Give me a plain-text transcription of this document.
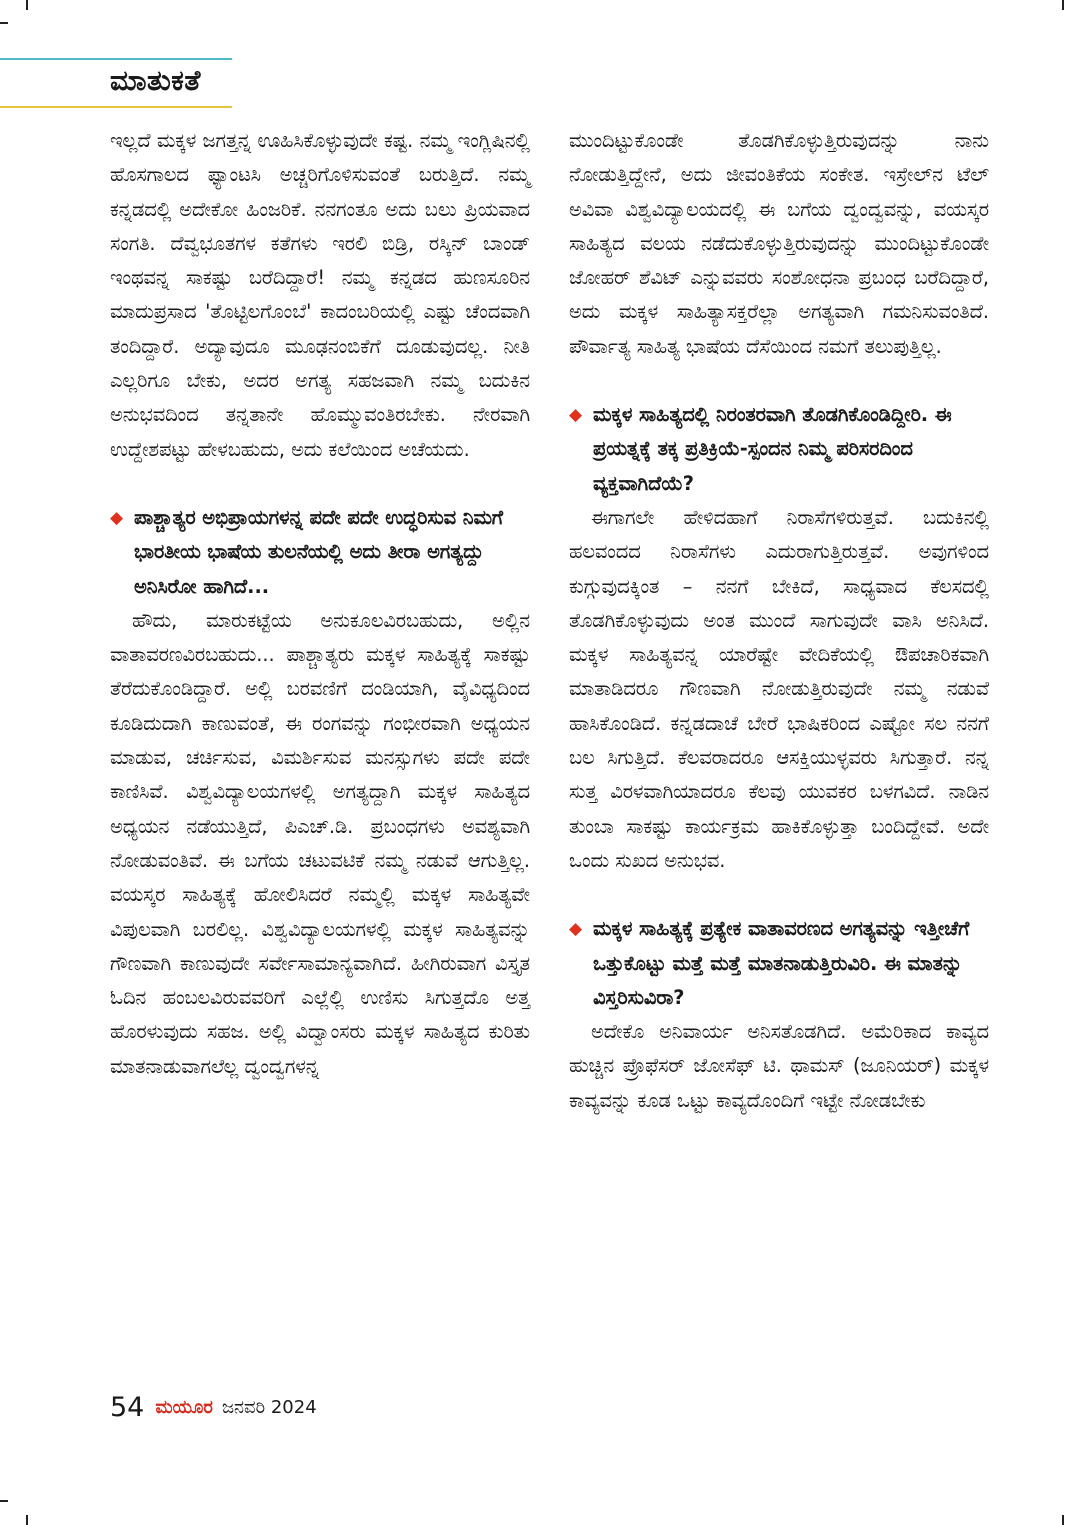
ಮಾತುಕತೆ

ಇಲ್ಲದೆ ಮಕ್ಕಳ ಜಗತ್ತನ್ನ ಊಹಿಸಿಕೊಳ್ಳುವುದೇ ಕಷ್ಟ. ನಮ್ಮ ಇಂಗ್ಲಿಷಿನಲ್ಲಿ ಹೊಸಗಾಲದ ಫ್ಯಾಂಟಸಿ ಅಚ್ಚರಿಗೊಳಿಸುವಂತೆ ಬರುತ್ತಿದೆ. ನಮ್ಮ ಕನ್ನಡದಲ್ಲಿ ಅದೇಕೋ ಹಿಂಜರಿಕೆ. ನನಗಂತೂ ಅದು ಬಲು ಪ್ರಿಯವಾದ ಸಂಗತಿ. ದೆವ್ವಭೂತಗಳ ಕತೆಗಳು ಇರಲಿ ಬಿಡ್ರಿ, ರಸ್ಕಿನ್ ಬಾಂಡ್ ಇಂಥವನ್ನ ಸಾಕಷ್ಟು ಬರೆದಿದ್ದಾರೆ! ನಮ್ಮ ಕನ್ನಡದ ಹುಣಸೂರಿನ ಮಾದುಪ್ರಸಾದ 'ತೊಟ್ಟಿಲಗೊಂಬೆ' ಕಾದಂಬರಿಯಲ್ಲಿ ಎಷ್ಟು ಚೆಂದವಾಗಿ ತಂದಿದ್ದಾರೆ. ಅದ್ಯಾವುದೂ ಮೂಢನಂಬಿಕೆಗೆ ದೂಡುವುದಲ್ಲ. ನೀತಿ ಎಲ್ಲರಿಗೂ ಬೇಕು, ಅದರ ಅಗತ್ಯ ಸಹಜವಾಗಿ ನಮ್ಮ ಬದುಕಿನ ಅನುಭವದಿಂದ ತನ್ನತಾನೇ ಹೊಮ್ಮುವಂತಿರಬೇಕು. ನೇರವಾಗಿ ಉದ್ದೇಶಪಟ್ಟು ಹೇಳಬಹುದು, ಅದು ಕಲೆಯಿಂದ ಅಚೆಯದು.

◆ ಪಾಶ್ಚಾತ್ಯರ ಅಭಿಪ್ರಾಯಗಳನ್ನ ಪದೇ ಪದೇ ಉದ್ಧರಿಸುವ ನಿಮಗೆ ಭಾರತೀಯ ಭಾಷೆಯ ತುಲನೆಯಲ್ಲಿ ಅದು ತೀರಾ ಅಗತ್ಯದ್ದು ಅನಿಸಿರೋ ಹಾಗಿದೆ...

ಹೌದು, ಮಾರುಕಟ್ಟೆಯ ಅನುಕೂಲವಿರಬಹುದು, ಅಲ್ಲಿನ ವಾತಾವರಣವಿರಬಹುದು... ಪಾಶ್ಚಾತ್ಯರು ಮಕ್ಕಳ ಸಾಹಿತ್ಯಕ್ಕೆ ಸಾಕಷ್ಟು ತೆರೆದುಕೊಂಡಿದ್ದಾರೆ. ಅಲ್ಲಿ ಬರವಣಿಗೆ ದಂಡಿಯಾಗಿ, ವೈವಿಧ್ಯದಿಂದ ಕೂಡಿದುದಾಗಿ ಕಾಣುವಂತೆ, ಈ ರಂಗವನ್ನು ಗಂಭೀರವಾಗಿ ಅಧ್ಯಯನ ಮಾಡುವ, ಚರ್ಚಿಸುವ, ವಿಮರ್ಶಿಸುವ ಮನಸ್ಸುಗಳು ಪದೇ ಪದೇ ಕಾಣಿಸಿವೆ. ವಿಶ್ವವಿದ್ಯಾಲಯಗಳಲ್ಲಿ ಅಗತ್ಯದ್ದಾಗಿ ಮಕ್ಕಳ ಸಾಹಿತ್ಯದ ಅಧ್ಯಯನ ನಡೆಯುತ್ತಿದೆ, ಪಿಎಚ್.ಡಿ. ಪ್ರಬಂಧಗಳು ಅವಶ್ಯವಾಗಿ ನೋಡುವಂತಿವೆ. ಈ ಬಗೆಯ ಚಟುವಟಿಕೆ ನಮ್ಮ ನಡುವೆ ಆಗುತ್ತಿಲ್ಲ. ವಯಸ್ಕರ ಸಾಹಿತ್ಯಕ್ಕೆ ಹೋಲಿಸಿದರೆ ನಮ್ಮಲ್ಲಿ ಮಕ್ಕಳ ಸಾಹಿತ್ಯವೇ ವಿಪುಲವಾಗಿ ಬರಲಿಲ್ಲ. ವಿಶ್ವವಿದ್ಯಾಲಯಗಳಲ್ಲಿ ಮಕ್ಕಳ ಸಾಹಿತ್ಯವನ್ನು ಗೌಣವಾಗಿ ಕಾಣುವುದೇ ಸರ್ವೇಸಾಮಾನ್ಯವಾಗಿದೆ. ಹೀಗಿರುವಾಗ ವಿಸ್ತೃತ ಓದಿನ ಹಂಬಲವಿರುವವರಿಗೆ ಎಲ್ಲೆಲ್ಲಿ ಉಣಿಸು ಸಿಗುತ್ತದೊ ಅತ್ತ ಹೊರಳುವುದು ಸಹಜ. ಅಲ್ಲಿ ವಿದ್ವಾಂಸರು ಮಕ್ಕಳ ಸಾಹಿತ್ಯದ ಕುರಿತು ಮಾತನಾಡುವಾಗಲೆಲ್ಲ ದ್ವಂದ್ವಗಳನ್ನ

ಮುಂದಿಟ್ಟುಕೊಂಡೇ ತೊಡಗಿಕೊಳ್ಳುತ್ತಿರುವುದನ್ನು ನಾನು ನೋಡುತ್ತಿದ್ದೇನೆ, ಅದು ಜೀವಂತಿಕೆಯ ಸಂಕೇತ. ಇಸ್ರೇಲ್‌ನ ಟೆಲ್ ಅವಿವಾ ವಿಶ್ವವಿದ್ಯಾಲಯದಲ್ಲಿ ಈ ಬಗೆಯ ದ್ವಂದ್ವವನ್ನು, ವಯಸ್ಕರ ಸಾಹಿತ್ಯದ ವಲಯ ನಡೆದುಕೊಳ್ಳುತ್ತಿರುವುದನ್ನು ಮುಂದಿಟ್ಟುಕೊಂಡೇ ಜೋಹರ್ ಶೆವಿಟ್ ಎನ್ನುವವರು ಸಂಶೋಧನಾ ಪ್ರಬಂಧ ಬರೆದಿದ್ದಾರೆ, ಅದು ಮಕ್ಕಳ ಸಾಹಿತ್ಯಾಸಕ್ತರೆಲ್ಲಾ ಅಗತ್ಯವಾಗಿ ಗಮನಿಸುವಂತಿದೆ. ಪೌರ್ವಾತ್ಯ ಸಾಹಿತ್ಯ ಭಾಷೆಯ ದೆಸೆಯಿಂದ ನಮಗೆ ತಲುಪುತ್ತಿಲ್ಲ.

◆ ಮಕ್ಕಳ ಸಾಹಿತ್ಯದಲ್ಲಿ ನಿರಂತರವಾಗಿ ತೊಡಗಿಕೊಂಡಿದ್ದೀರಿ. ಈ ಪ್ರಯತ್ನಕ್ಕೆ ತಕ್ಕ ಪ್ರತಿಕ್ರಿಯೆ-ಸ್ಪಂದನ ನಿಮ್ಮ ಪರಿಸರದಿಂದ ವ್ಯಕ್ತವಾಗಿದೆಯೆ?

ಈಗಾಗಲೇ ಹೇಳಿದಹಾಗೆ ನಿರಾಸೆಗಳಿರುತ್ತವೆ. ಬದುಕಿನಲ್ಲಿ ಹಲವಂದದ ನಿರಾಸೆಗಳು ಎದುರಾಗುತ್ತಿರುತ್ತವೆ. ಅವುಗಳಿಂದ ಕುಗ್ಗುವುದಕ್ಕಿಂತ – ನನಗೆ ಬೇಕಿದೆ, ಸಾಧ್ಯವಾದ ಕೆಲಸದಲ್ಲಿ ತೊಡಗಿಕೊಳ್ಳುವುದು ಅಂತ ಮುಂದೆ ಸಾಗುವುದೇ ವಾಸಿ ಅನಿಸಿದೆ. ಮಕ್ಕಳ ಸಾಹಿತ್ಯವನ್ನ ಯಾರೆಷ್ಟೇ ವೇದಿಕೆಯಲ್ಲಿ ಔಪಚಾರಿಕವಾಗಿ ಮಾತಾಡಿದರೂ ಗೌಣವಾಗಿ ನೋಡುತ್ತಿರುವುದೇ ನಮ್ಮ ನಡುವೆ ಹಾಸಿಕೊಂಡಿದೆ. ಕನ್ನಡದಾಚೆ ಬೇರೆ ಭಾಷಿಕರಿಂದ ಎಷ್ಟೋ ಸಲ ನನಗೆ ಬಲ ಸಿಗುತ್ತಿದೆ. ಕೆಲವರಾದರೂ ಆಸಕ್ತಿಯುಳ್ಳವರು ಸಿಗುತ್ತಾರೆ. ನನ್ನ ಸುತ್ತ ವಿರಳವಾಗಿಯಾದರೂ ಕೆಲವು ಯುವಕರ ಬಳಗವಿದೆ. ನಾಡಿನ ತುಂಬಾ ಸಾಕಷ್ಟು ಕಾರ್ಯಕ್ರಮ ಹಾಕಿಕೊಳ್ಳುತ್ತಾ ಬಂದಿದ್ದೇವೆ. ಅದೇ ಒಂದು ಸುಖದ ಅನುಭವ.

◆ ಮಕ್ಕಳ ಸಾಹಿತ್ಯಕ್ಕೆ ಪ್ರತ್ಯೇಕ ವಾತಾವರಣದ ಅಗತ್ಯವನ್ನು ಇತ್ತೀಚೆಗೆ ಒತ್ತುಕೊಟ್ಟು ಮತ್ತೆ ಮತ್ತೆ ಮಾತನಾಡುತ್ತಿರುವಿರಿ. ಈ ಮಾತನ್ನು ವಿಸ್ತರಿಸುವಿರಾ?

ಅದೇಕೊ ಅನಿವಾರ್ಯ ಅನಿಸತೊಡಗಿದೆ. ಅಮೆರಿಕಾದ ಕಾವ್ಯದ ಹುಚ್ಚಿನ ಪ್ರೊಫೆಸರ್ ಜೋಸೆಫ್ ಟಿ. ಥಾಮಸ್ (ಜೂನಿಯರ್) ಮಕ್ಕಳ ಕಾವ್ಯವನ್ನು ಕೂಡ ಒಟ್ಟು ಕಾವ್ಯದೊಂದಿಗೆ ಇಟ್ಟೇ ನೋಡಬೇಕು

54 ಮಯೂರ ಜನವರಿ 2024
